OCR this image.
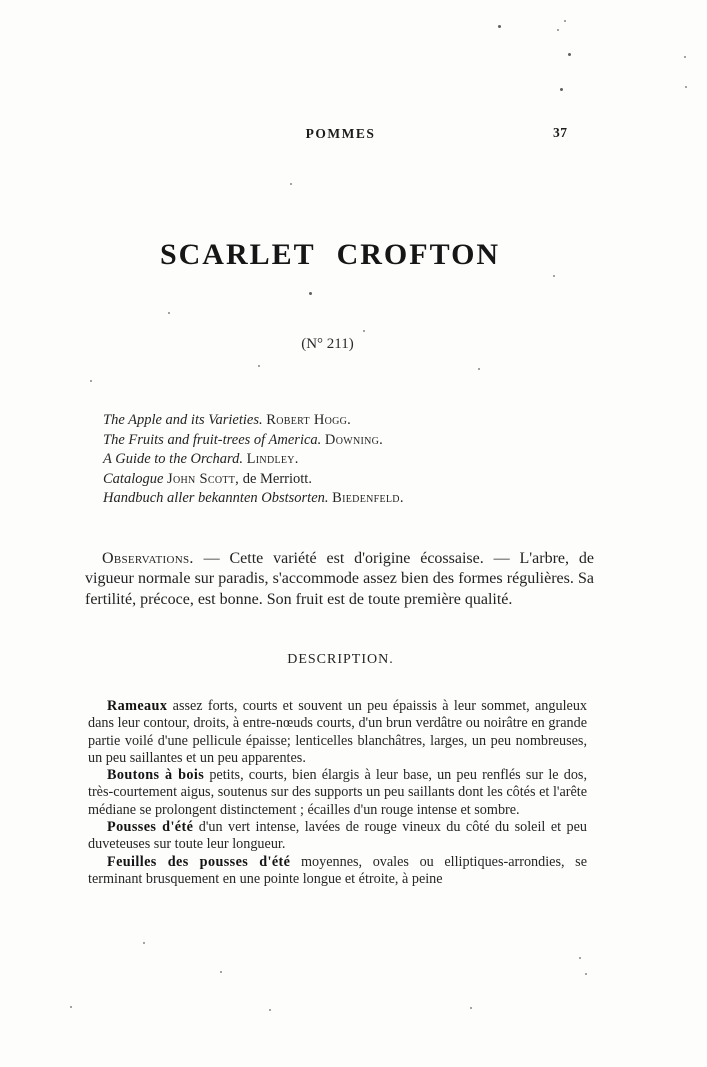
POMMES	37
SCARLET CROFTON
(N° 211)
The Apple and its Varieties. Robert Hogg.
The Fruits and fruit-trees of America. Downing.
A Guide to the Orchard. Lindley.
Catalogue John Scott, de Merriott.
Handbuch aller bekannten Obstsorten. Biedenfeld.

Observations. — Cette variété est d'origine écossaise. — L'arbre, de vigueur normale sur paradis, s'accommode assez bien des formes régulières. Sa fertilité, précoce, est bonne. Son fruit est de toute première qualité.

DESCRIPTION.

Rameaux assez forts, courts et souvent un peu épaissis à leur sommet, anguleux dans leur contour, droits, à entre-nœuds courts, d'un brun verdâtre ou noirâtre en grande partie voilé d'une pellicule épaisse; lenticelles blanchâtres, larges, un peu nombreuses, un peu saillantes et un peu apparentes.

Boutons à bois petits, courts, bien élargis à leur base, un peu renflés sur le dos, très-courtement aigus, soutenus sur des supports un peu saillants dont les côtés et l'arête médiane se prolongent distinctement ; écailles d'un rouge intense et sombre.

Pousses d'été d'un vert intense, lavées de rouge vineux du côté du soleil et peu duveteuses sur toute leur longueur.

Feuilles des pousses d'été moyennes, ovales ou elliptiques-arrondies, se terminant brusquement en une pointe longue et étroite, à peine
